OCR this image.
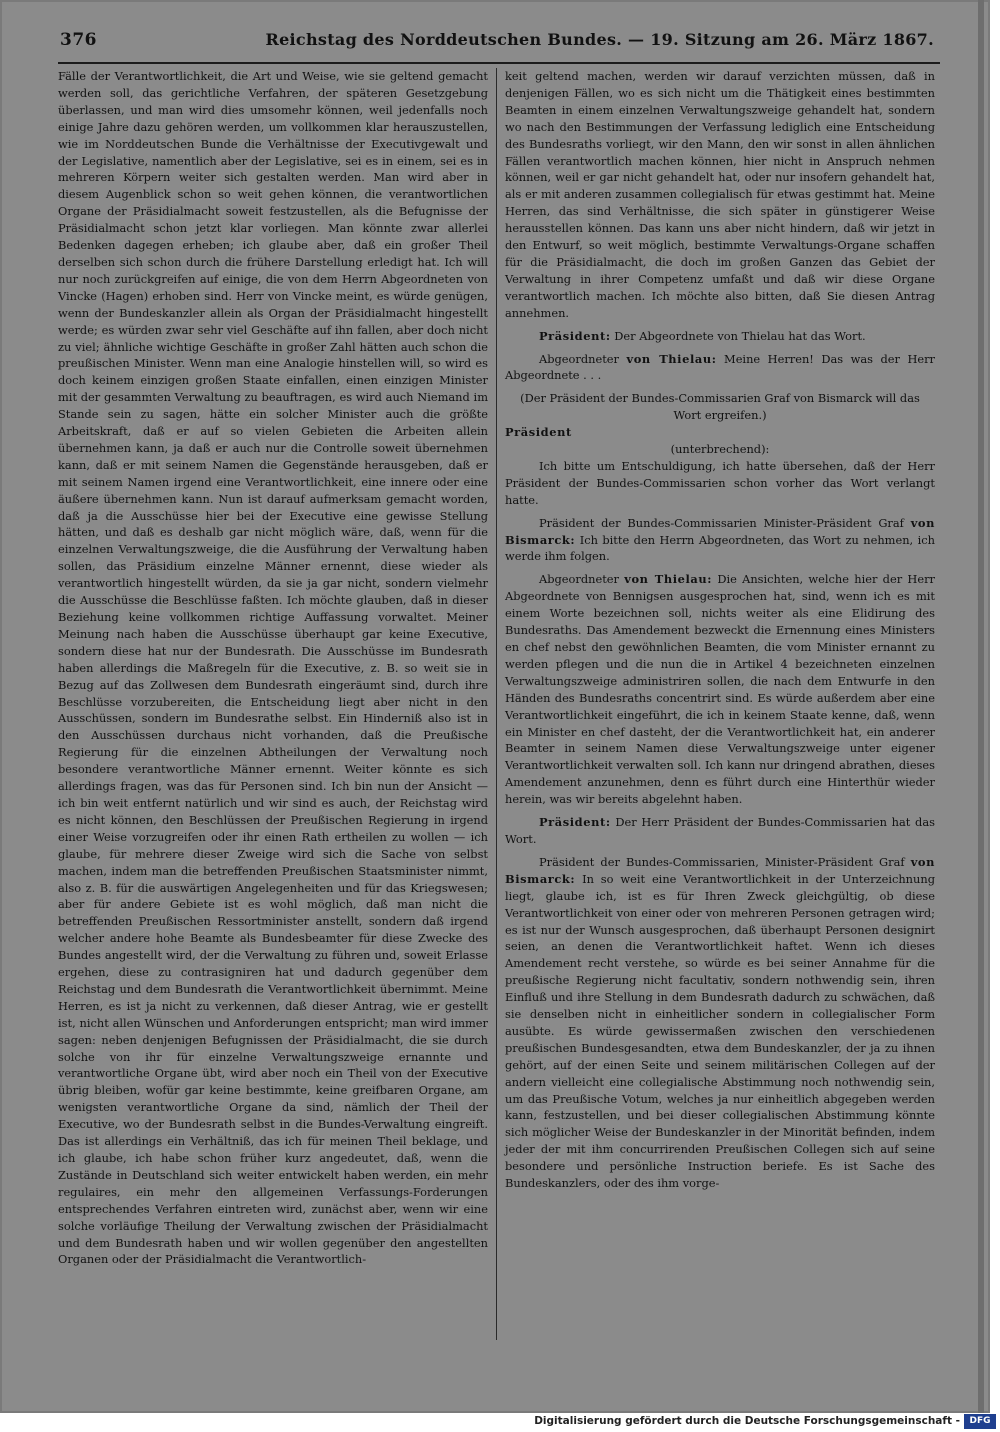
376	Reichstag des Norddeutschen Bundes. — 19. Sitzung am 26. März 1867.

Fälle der Verantwortlichkeit, die Art und Weise, wie sie geltend gemacht werden soll, das gerichtliche Verfahren, der späteren Gesetzgebung überlassen, und man wird dies umsomehr können, weil jedenfalls noch einige Jahre dazu gehören werden, um vollkommen klar herauszustellen, wie im Norddeutschen Bunde die Verhältnisse der Executivgewalt und der Legislative, namentlich aber der Legislative, sei es in einem, sei es in mehreren Körpern weiter sich gestalten werden. Man wird aber in diesem Augenblick schon so weit gehen können, die verantwortlichen Organe der Präsidialmacht soweit festzustellen, als die Befugnisse der Präsidialmacht schon jetzt klar vorliegen. Man könnte zwar allerlei Bedenken dagegen erheben; ich glaube aber, daß ein großer Theil derselben sich schon durch die frühere Darstellung erledigt hat. Ich will nur noch zurückgreifen auf einige, die von dem Herrn Abgeordneten von Vincke (Hagen) erhoben sind. Herr von Vincke meint, es würde genügen, wenn der Bundeskanzler allein als Organ der Präsidialmacht hingestellt werde; es würden zwar sehr viel Geschäfte auf ihn fallen, aber doch nicht zu viel; ähnliche wichtige Geschäfte in großer Zahl hätten auch schon die preußischen Minister. Wenn man eine Analogie hinstellen will, so wird es doch keinem einzigen großen Staate einfallen, einen einzigen Minister mit der gesammten Verwaltung zu beauftragen, es wird auch Niemand im Stande sein zu sagen, hätte ein solcher Minister auch die größte Arbeitskraft, daß er auf so vielen Gebieten die Arbeiten allein übernehmen kann, ja daß er auch nur die Controlle soweit übernehmen kann, daß er mit seinem Namen die Gegenstände herausgeben, daß er mit seinem Namen irgend eine Verantwortlichkeit, eine innere oder eine äußere übernehmen kann. Nun ist darauf aufmerksam gemacht worden, daß ja die Ausschüsse hier bei der Executive eine gewisse Stellung hätten, und daß es deshalb gar nicht möglich wäre, daß, wenn für die einzelnen Verwaltungszweige, die die Ausführung der Verwaltung haben sollen, das Präsidium einzelne Männer ernennt, diese wieder als verantwortlich hingestellt würden, da sie ja gar nicht, sondern vielmehr die Ausschüsse die Beschlüsse faßten. Ich möchte glauben, daß in dieser Beziehung keine vollkommen richtige Auffassung vorwaltet. Meiner Meinung nach haben die Ausschüsse überhaupt gar keine Executive, sondern diese hat nur der Bundesrath. Die Ausschüsse im Bundesrath haben allerdings die Maßregeln für die Executive, z. B. so weit sie in Bezug auf das Zollwesen dem Bundesrath eingeräumt sind, durch ihre Beschlüsse vorzubereiten, die Entscheidung liegt aber nicht in den Ausschüssen, sondern im Bundesrathe selbst. Ein Hinderniß also ist in den Ausschüssen durchaus nicht vorhanden, daß die Preußische Regierung für die einzelnen Abtheilungen der Verwaltung noch besondere verantwortliche Männer ernennt. Weiter könnte es sich allerdings fragen, was das für Personen sind. Ich bin nun der Ansicht — ich bin weit entfernt natürlich und wir sind es auch, der Reichstag wird es nicht können, den Beschlüssen der Preußischen Regierung in irgend einer Weise vorzugreifen oder ihr einen Rath ertheilen zu wollen — ich glaube, für mehrere dieser Zweige wird sich die Sache von selbst machen, indem man die betreffenden Preußischen Staatsminister nimmt, also z. B. für die auswärtigen Angelegenheiten und für das Kriegswesen; aber für andere Gebiete ist es wohl möglich, daß man nicht die betreffenden Preußischen Ressortminister anstellt, sondern daß irgend welcher andere hohe Beamte als Bundesbeamter für diese Zwecke des Bundes angestellt wird, der die Verwaltung zu führen und, soweit Erlasse ergehen, diese zu contrasigniren hat und dadurch gegenüber dem Reichstag und dem Bundesrath die Verantwortlichkeit übernimmt. Meine Herren, es ist ja nicht zu verkennen, daß dieser Antrag, wie er gestellt ist, nicht allen Wünschen und Anforderungen entspricht; man wird immer sagen: neben denjenigen Befugnissen der Präsidialmacht, die sie durch solche von ihr für einzelne Verwaltungszweige ernannte und verantwortliche Organe übt, wird aber noch ein Theil von der Executive übrig bleiben, wofür gar keine bestimmte, keine greifbaren Organe, am wenigsten verantwortliche Organe da sind, nämlich der Theil der Executive, wo der Bundesrath selbst in die Bundes-Verwaltung eingreift. Das ist allerdings ein Verhältniß, das ich für meinen Theil beklage, und ich glaube, ich habe schon früher kurz angedeutet, daß, wenn die Zustände in Deutschland sich weiter entwickelt haben werden, ein mehr regulaires, ein mehr den allgemeinen Verfassungs-Forderungen entsprechendes Verfahren eintreten wird, zunächst aber, wenn wir eine solche vorläufige Theilung der Verwaltung zwischen der Präsidialmacht und dem Bundesrath haben und wir wollen gegenüber den angestellten Organen oder der Präsidialmacht die Verantwortlich-

keit geltend machen, werden wir darauf verzichten müssen, daß in denjenigen Fällen, wo es sich nicht um die Thätigkeit eines bestimmten Beamten in einem einzelnen Verwaltungszweige gehandelt hat, sondern wo nach den Bestimmungen der Verfassung lediglich eine Entscheidung des Bundesraths vorliegt, wir den Mann, den wir sonst in allen ähnlichen Fällen verantwortlich machen können, hier nicht in Anspruch nehmen können, weil er gar nicht gehandelt hat, oder nur insofern gehandelt hat, als er mit anderen zusammen collegialisch für etwas gestimmt hat. Meine Herren, das sind Verhältnisse, die sich später in günstigerer Weise herausstellen können. Das kann uns aber nicht hindern, daß wir jetzt in den Entwurf, so weit möglich, bestimmte Verwaltungs-Organe schaffen für die Präsidialmacht, die doch im großen Ganzen das Gebiet der Verwaltung in ihrer Competenz umfaßt und daß wir diese Organe verantwortlich machen. Ich möchte also bitten, daß Sie diesen Antrag annehmen.

Präsident: Der Abgeordnete von Thielau hat das Wort.

Abgeordneter von Thielau: Meine Herren! Das was der Herr Abgeordnete . . .

(Der Präsident der Bundes-Commissarien Graf von Bismarck will das Wort ergreifen.)

Präsident

(unterbrechend):

Ich bitte um Entschuldigung, ich hatte übersehen, daß der Herr Präsident der Bundes-Commissarien schon vorher das Wort verlangt hatte.

Präsident der Bundes-Commissarien Minister-Präsident Graf von Bismarck: Ich bitte den Herrn Abgeordneten, das Wort zu nehmen, ich werde ihm folgen.

Abgeordneter von Thielau: Die Ansichten, welche hier der Herr Abgeordnete von Bennigsen ausgesprochen hat, sind, wenn ich es mit einem Worte bezeichnen soll, nichts weiter als eine Elidirung des Bundesraths. Das Amendement bezweckt die Ernennung eines Ministers en chef nebst den gewöhnlichen Beamten, die vom Minister ernannt zu werden pflegen und die nun die in Artikel 4 bezeichneten einzelnen Verwaltungszweige administriren sollen, die nach dem Entwurfe in den Händen des Bundesraths concentrirt sind. Es würde außerdem aber eine Verantwortlichkeit eingeführt, die ich in keinem Staate kenne, daß, wenn ein Minister en chef dasteht, der die Verantwortlichkeit hat, ein anderer Beamter in seinem Namen diese Verwaltungszweige unter eigener Verantwortlichkeit verwalten soll. Ich kann nur dringend abrathen, dieses Amendement anzunehmen, denn es führt durch eine Hinterthür wieder herein, was wir bereits abgelehnt haben.

Präsident: Der Herr Präsident der Bundes-Commissarien hat das Wort.

Präsident der Bundes-Commissarien, Minister-Präsident Graf von Bismarck: In so weit eine Verantwortlichkeit in der Unterzeichnung liegt, glaube ich, ist es für Ihren Zweck gleichgültig, ob diese Verantwortlichkeit von einer oder von mehreren Personen getragen wird; es ist nur der Wunsch ausgesprochen, daß überhaupt Personen designirt seien, an denen die Verantwortlichkeit haftet. Wenn ich dieses Amendement recht verstehe, so würde es bei seiner Annahme für die preußische Regierung nicht facultativ, sondern nothwendig sein, ihren Einfluß und ihre Stellung in dem Bundesrath dadurch zu schwächen, daß sie denselben nicht in einheitlicher sondern in collegialischer Form ausübte. Es würde gewissermaßen zwischen den verschiedenen preußischen Bundesgesandten, etwa dem Bundeskanzler, der ja zu ihnen gehört, auf der einen Seite und seinem militärischen Collegen auf der andern vielleicht eine collegialische Abstimmung noch nothwendig sein, um das Preußische Votum, welches ja nur einheitlich abgegeben werden kann, festzustellen, und bei dieser collegialischen Abstimmung könnte sich möglicher Weise der Bundeskanzler in der Minorität befinden, indem jeder der mit ihm concurrirenden Preußischen Collegen sich auf seine besondere und persönliche Instruction beriefe. Es ist Sache des Bundeskanzlers, oder des ihm vorge-

Digitalisierung gefördert durch die Deutsche Forschungsgemeinschaft -	DFG
